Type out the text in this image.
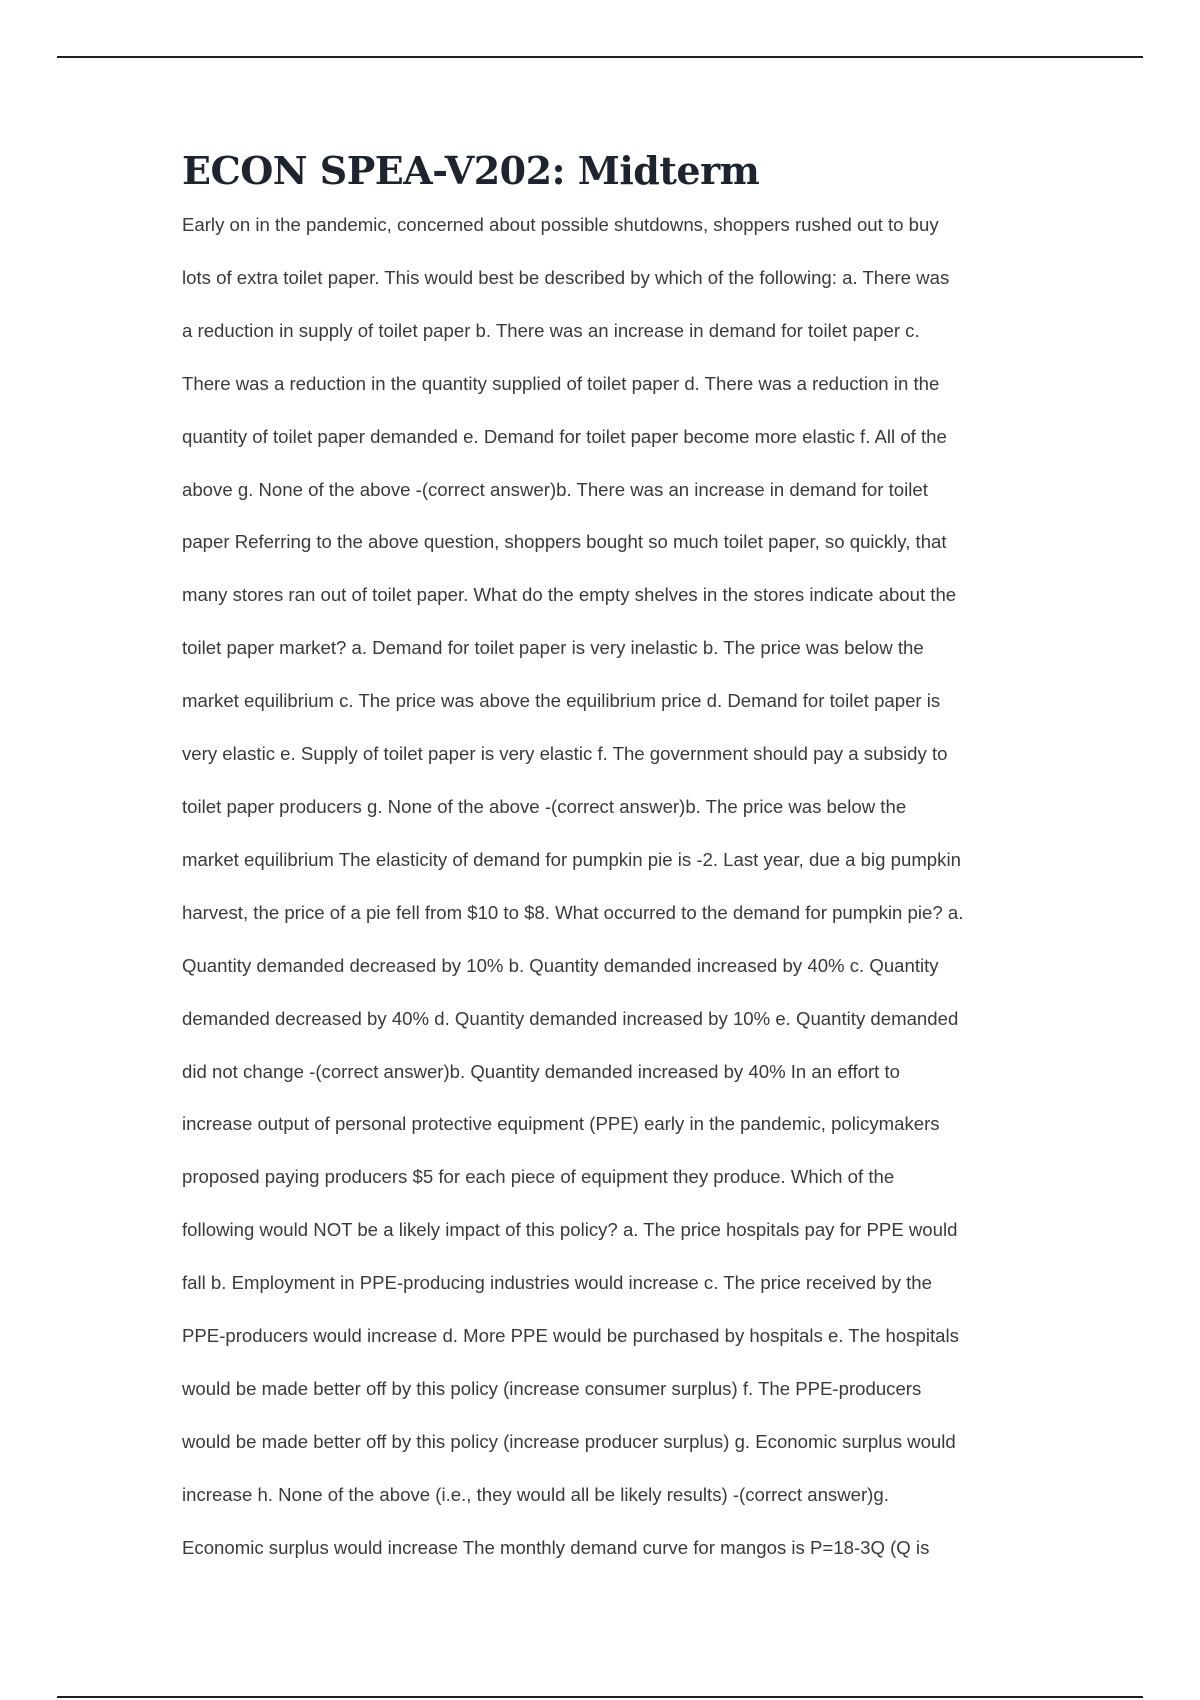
ECON SPEA-V202: Midterm
Early on in the pandemic, concerned about possible shutdowns, shoppers rushed out to buy
lots of extra toilet paper. This would best be described by which of the following: a. There was
a reduction in supply of toilet paper b. There was an increase in demand for toilet paper c.
There was a reduction in the quantity supplied of toilet paper d. There was a reduction in the
quantity of toilet paper demanded e. Demand for toilet paper become more elastic f. All of the
above g. None of the above -(correct answer)b. There was an increase in demand for toilet
paper Referring to the above question, shoppers bought so much toilet paper, so quickly, that
many stores ran out of toilet paper. What do the empty shelves in the stores indicate about the
toilet paper market? a. Demand for toilet paper is very inelastic b. The price was below the
market equilibrium c. The price was above the equilibrium price d. Demand for toilet paper is
very elastic e. Supply of toilet paper is very elastic f. The government should pay a subsidy to
toilet paper producers g. None of the above -(correct answer)b. The price was below the
market equilibrium The elasticity of demand for pumpkin pie is -2. Last year, due a big pumpkin
harvest, the price of a pie fell from $10 to $8. What occurred to the demand for pumpkin pie? a.
Quantity demanded decreased by 10% b. Quantity demanded increased by 40% c. Quantity
demanded decreased by 40% d. Quantity demanded increased by 10% e. Quantity demanded
did not change -(correct answer)b. Quantity demanded increased by 40% In an effort to
increase output of personal protective equipment (PPE) early in the pandemic, policymakers
proposed paying producers $5 for each piece of equipment they produce. Which of the
following would NOT be a likely impact of this policy? a. The price hospitals pay for PPE would
fall b. Employment in PPE-producing industries would increase c. The price received by the
PPE-producers would increase d. More PPE would be purchased by hospitals e. The hospitals
would be made better off by this policy (increase consumer surplus) f. The PPE-producers
would be made better off by this policy (increase producer surplus) g. Economic surplus would
increase h. None of the above (i.e., they would all be likely results) -(correct answer)g.
Economic surplus would increase The monthly demand curve for mangos is P=18-3Q (Q is
